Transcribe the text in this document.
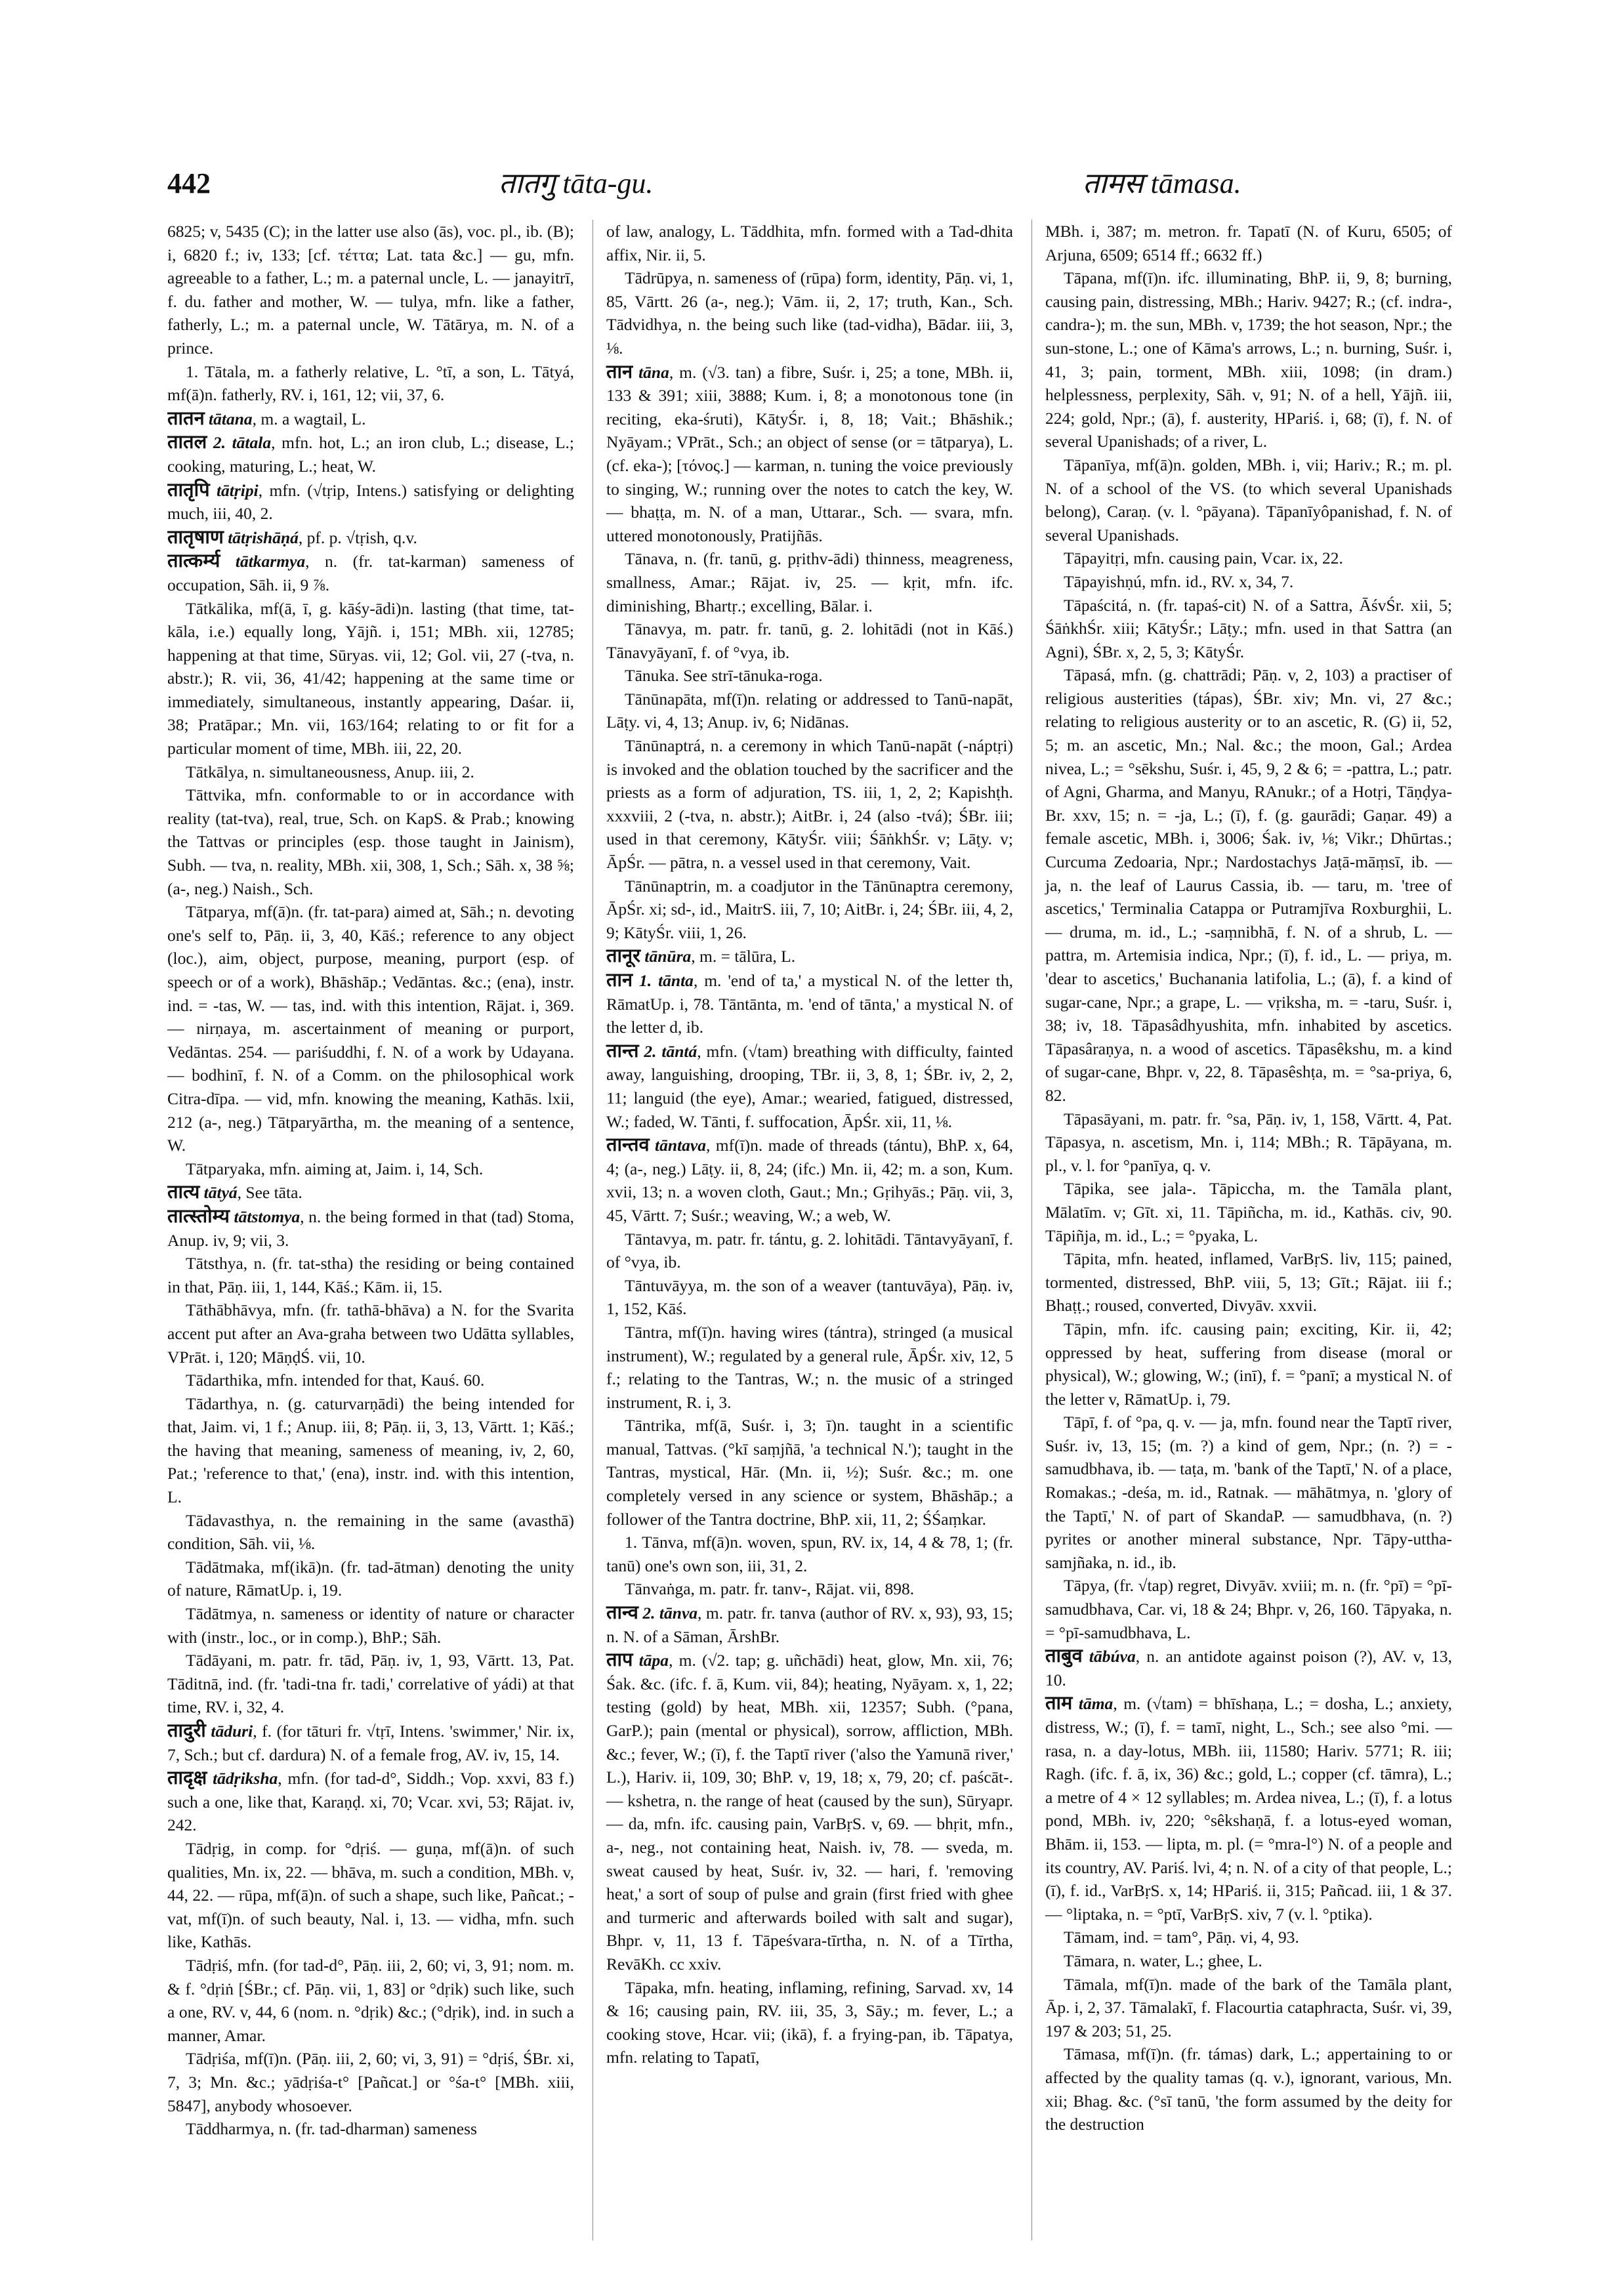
442	तातगु tāta-gu.	तामस tāmasa.

6825; v, 5435 (C); in the latter use also (ās), voc. pl., ib. (B); i, 6820 f.; iv, 133; [cf. τέττα; Lat. tata &c.] — gu, mfn. agreeable to a father, L.; m. a paternal uncle, L. — janayitrī, f. du. father and mother, W. — tulya, mfn. like a father, fatherly, L.; m. a paternal uncle, W. Tātārya, m. N. of a prince.

1. Tātala, m. a fatherly relative, L. °tī, a son, L. Tātyá, mf(ā)n. fatherly, RV. i, 161, 12; vii, 37, 6.

तातन tātana, m. a wagtail, L.

तातल 2. tātala, mfn. hot, L.; an iron club, L.; disease, L.; cooking, maturing, L.; heat, W.

तातृपि tātṛipi, mfn. (√tṛip, Intens.) satisfying or delighting much, iii, 40, 2.

तातृषाण tātṛishāṇá, pf. p. √tṛish, q.v.

तात्कर्म्य tātkarmya, n. (fr. tat-karman) sameness of occupation, Sāh. ii, 9 ⅞.

Tātkālika, mf(ā, ī, g. kāśy-ādi)n. lasting (that time, tat-kāla, i.e.) equally long, Yājñ. i, 151; MBh. xii, 12785; happening at that time, Sūryas. vii, 12; Gol. vii, 27 (-tva, n. abstr.); R. vii, 36, 41/42; happening at the same time or immediately, simultaneous, instantly appearing, Daśar. ii, 38; Pratāpar.; Mn. vii, 163/164; relating to or fit for a particular moment of time, MBh. iii, 22, 20.

Tātkālya, n. simultaneousness, Anup. iii, 2.

Tāttvika, mfn. conformable to or in accordance with reality (tat-tva), real, true, Sch. on KapS. & Prab.; knowing the Tattvas or principles (esp. those taught in Jainism), Subh. — tva, n. reality, MBh. xii, 308, 1, Sch.; Sāh. x, 38 ⅝; (a-, neg.) Naish., Sch.

Tātparya, mf(ā)n. (fr. tat-para) aimed at, Sāh.; n. devoting one's self to, Pāṇ. ii, 3, 40, Kāś.; reference to any object (loc.), aim, object, purpose, meaning, purport (esp. of speech or of a work), Bhāshāp.; Vedāntas. &c.; (ena), instr. ind. = -tas, W. — tas, ind. with this intention, Rājat. i, 369. — nirṇaya, m. ascertainment of meaning or purport, Vedāntas. 254. — pariśuddhi, f. N. of a work by Udayana. — bodhinī, f. N. of a Comm. on the philosophical work Citra-dīpa. — vid, mfn. knowing the meaning, Kathās. lxii, 212 (a-, neg.) Tātparyārtha, m. the meaning of a sentence, W.

Tātparyaka, mfn. aiming at, Jaim. i, 14, Sch.

तात्य tātyá, See tāta.

तात्स्तोम्य tātstomya, n. the being formed in that (tad) Stoma, Anup. iv, 9; vii, 3.

Tātsthya, n. (fr. tat-stha) the residing or being contained in that, Pāṇ. iii, 1, 144, Kāś.; Kām. ii, 15.

Tāthābhāvya, mfn. (fr. tathā-bhāva) a N. for the Svarita accent put after an Ava-graha between two Udātta syllables, VPrāt. i, 120; MāṇḍŚ. vii, 10.

Tādarthika, mfn. intended for that, Kauś. 60.

Tādarthya, n. (g. caturvarṇādi) the being intended for that, Jaim. vi, 1 f.; Anup. iii, 8; Pāṇ. ii, 3, 13, Vārtt. 1; Kāś.; the having that meaning, sameness of meaning, iv, 2, 60, Pat.; 'reference to that,' (ena), instr. ind. with this intention, L.

Tādavasthya, n. the remaining in the same (avasthā) condition, Sāh. vii, ⅛.

Tādātmaka, mf(ikā)n. (fr. tad-ātman) denoting the unity of nature, RāmatUp. i, 19.

Tādātmya, n. sameness or identity of nature or character with (instr., loc., or in comp.), BhP.; Sāh.

Tādāyani, m. patr. fr. tād, Pāṇ. iv, 1, 93, Vārtt. 13, Pat. Tāditnā, ind. (fr. 'tadi-tna fr. tadi,' correlative of yádi) at that time, RV. i, 32, 4.

तादुरी tāduri, f. (for tāturi fr. √tṛī, Intens. 'swimmer,' Nir. ix, 7, Sch.; but cf. dardura) N. of a female frog, AV. iv, 15, 14.

तादृक्ष tādṛiksha, mfn. (for tad-d°, Siddh.; Vop. xxvi, 83 f.) such a one, like that, Karaṇḍ. xi, 70; Vcar. xvi, 53; Rājat. iv, 242.

Tādṛig, in comp. for °dṛiś. — guṇa, mf(ā)n. of such qualities, Mn. ix, 22. — bhāva, m. such a condition, MBh. v, 44, 22. — rūpa, mf(ā)n. of such a shape, such like, Pañcat.; -vat, mf(ī)n. of such beauty, Nal. i, 13. — vidha, mfn. such like, Kathās.

Tādṛiś, mfn. (for tad-d°, Pāṇ. iii, 2, 60; vi, 3, 91; nom. m. & f. °dṛiṅ [ŚBr.; cf. Pāṇ. vii, 1, 83] or °dṛik) such like, such a one, RV. v, 44, 6 (nom. n. °dṛik) &c.; (°dṛik), ind. in such a manner, Amar.

Tādṛiśa, mf(ī)n. (Pāṇ. iii, 2, 60; vi, 3, 91) = °dṛiś, ŚBr. xi, 7, 3; Mn. &c.; yādṛiśa-t° [Pañcat.] or °śa-t° [MBh. xiii, 5847], anybody whosoever.

Tāddharmya, n. (fr. tad-dharman) sameness

of law, analogy, L. Tāddhita, mfn. formed with a Tad-dhita affix, Nir. ii, 5.

Tādrūpya, n. sameness of (rūpa) form, identity, Pāṇ. vi, 1, 85, Vārtt. 26 (a-, neg.); Vām. ii, 2, 17; truth, Kan., Sch. Tādvidhya, n. the being such like (tad-vidha), Bādar. iii, 3, ⅛.

तान tāna, m. (√3. tan) a fibre, Suśr. i, 25; a tone, MBh. ii, 133 & 391; xiii, 3888; Kum. i, 8; a monotonous tone (in reciting, eka-śruti), KātyŚr. i, 8, 18; Vait.; Bhāshik.; Nyāyam.; VPrāt., Sch.; an object of sense (or = tātparya), L. (cf. eka-); [τόνος.] — karman, n. tuning the voice previously to singing, W.; running over the notes to catch the key, W. — bhaṭṭa, m. N. of a man, Uttarar., Sch. — svara, mfn. uttered monotonously, Pratijñās.

Tānava, n. (fr. tanū, g. pṛithv-ādi) thinness, meagreness, smallness, Amar.; Rājat. iv, 25. — kṛit, mfn. ifc. diminishing, Bhartṛ.; excelling, Bālar. i.

Tānavya, m. patr. fr. tanū, g. 2. lohitādi (not in Kāś.) Tānavyāyanī, f. of °vya, ib.

Tānuka. See strī-tānuka-roga.

Tānūnapāta, mf(ī)n. relating or addressed to Tanū-napāt, Lāṭy. vi, 4, 13; Anup. iv, 6; Nidānas.

Tānūnaptrá, n. a ceremony in which Tanū-napāt (-náptṛi) is invoked and the oblation touched by the sacrificer and the priests as a form of adjuration, TS. iii, 1, 2, 2; Kapishṭh. xxxviii, 2 (-tva, n. abstr.); AitBr. i, 24 (also -tvá); ŚBr. iii; used in that ceremony, KātyŚr. viii; ŚāṅkhŚr. v; Lāṭy. v; ĀpŚr. — pātra, n. a vessel used in that ceremony, Vait.

Tānūnaptrin, m. a coadjutor in the Tānūnaptra ceremony, ĀpŚr. xi; sd-, id., MaitrS. iii, 7, 10; AitBr. i, 24; ŚBr. iii, 4, 2, 9; KātyŚr. viii, 1, 26.

तानूर tānūra, m. = tālūra, L.

तान 1. tānta, m. 'end of ta,' a mystical N. of the letter th, RāmatUp. i, 78. Tāntānta, m. 'end of tānta,' a mystical N. of the letter d, ib.

तान्त 2. tāntá, mfn. (√tam) breathing with difficulty, fainted away, languishing, drooping, TBr. ii, 3, 8, 1; ŚBr. iv, 2, 2, 11; languid (the eye), Amar.; wearied, fatigued, distressed, W.; faded, W. Tānti, f. suffocation, ĀpŚr. xii, 11, ⅛.

तान्तव tāntava, mf(ī)n. made of threads (tántu), BhP. x, 64, 4; (a-, neg.) Lāṭy. ii, 8, 24; (ifc.) Mn. ii, 42; m. a son, Kum. xvii, 13; n. a woven cloth, Gaut.; Mn.; Gṛihyās.; Pāṇ. vii, 3, 45, Vārtt. 7; Suśr.; weaving, W.; a web, W.

Tāntavya, m. patr. fr. tántu, g. 2. lohitādi. Tāntavyāyanī, f. of °vya, ib.

Tāntuvāyya, m. the son of a weaver (tantuvāya), Pāṇ. iv, 1, 152, Kāś.

Tāntra, mf(ī)n. having wires (tántra), stringed (a musical instrument), W.; regulated by a general rule, ĀpŚr. xiv, 12, 5 f.; relating to the Tantras, W.; n. the music of a stringed instrument, R. i, 3.

Tāntrika, mf(ā, Suśr. i, 3; ī)n. taught in a scientific manual, Tattvas. (°kī saṃjñā, 'a technical N.'); taught in the Tantras, mystical, Hār. (Mn. ii, ½); Suśr. &c.; m. one completely versed in any science or system, Bhāshāp.; a follower of the Tantra doctrine, BhP. xii, 11, 2; ŚŚaṃkar.

1. Tānva, mf(ā)n. woven, spun, RV. ix, 14, 4 & 78, 1; (fr. tanū) one's own son, iii, 31, 2.

Tānvaṅga, m. patr. fr. tanv-, Rājat. vii, 898.

तान्व 2. tānva, m. patr. fr. tanva (author of RV. x, 93), 93, 15; n. N. of a Sāman, ĀrshBr.

ताप tāpa, m. (√2. tap; g. uñchādi) heat, glow, Mn. xii, 76; Śak. &c. (ifc. f. ā, Kum. vii, 84); heating, Nyāyam. x, 1, 22; testing (gold) by heat, MBh. xii, 12357; Subh. (°pana, GarP.); pain (mental or physical), sorrow, affliction, MBh. &c.; fever, W.; (ī), f. the Taptī river ('also the Yamunā river,' L.), Hariv. ii, 109, 30; BhP. v, 19, 18; x, 79, 20; cf. paścāt-. — kshetra, n. the range of heat (caused by the sun), Sūryapr. — da, mfn. ifc. causing pain, VarBṛS. v, 69. — bhṛit, mfn., a-, neg., not containing heat, Naish. iv, 78. — sveda, m. sweat caused by heat, Suśr. iv, 32. — hari, f. 'removing heat,' a sort of soup of pulse and grain (first fried with ghee and turmeric and afterwards boiled with salt and sugar), Bhpr. v, 11, 13 f. Tāpeśvara-tīrtha, n. N. of a Tīrtha, RevāKh. cc xxiv.

Tāpaka, mfn. heating, inflaming, refining, Sarvad. xv, 14 & 16; causing pain, RV. iii, 35, 3, Sāy.; m. fever, L.; a cooking stove, Hcar. vii; (ikā), f. a frying-pan, ib. Tāpatya, mfn. relating to Tapatī,

MBh. i, 387; m. metron. fr. Tapatī (N. of Kuru, 6505; of Arjuna, 6509; 6514 ff.; 6632 ff.)

Tāpana, mf(ī)n. ifc. illuminating, BhP. ii, 9, 8; burning, causing pain, distressing, MBh.; Hariv. 9427; R.; (cf. indra-, candra-); m. the sun, MBh. v, 1739; the hot season, Npr.; the sun-stone, L.; one of Kāma's arrows, L.; n. burning, Suśr. i, 41, 3; pain, torment, MBh. xiii, 1098; (in dram.) helplessness, perplexity, Sāh. v, 91; N. of a hell, Yājñ. iii, 224; gold, Npr.; (ā), f. austerity, HPariś. i, 68; (ī), f. N. of several Upanishads; of a river, L.

Tāpanīya, mf(ā)n. golden, MBh. i, vii; Hariv.; R.; m. pl. N. of a school of the VS. (to which several Upanishads belong), Caraṇ. (v. l. °pāyana). Tāpanīyôpanishad, f. N. of several Upanishads.

Tāpayitṛi, mfn. causing pain, Vcar. ix, 22.

Tāpayishṇú, mfn. id., RV. x, 34, 7.

Tāpaścitá, n. (fr. tapaś-cit) N. of a Sattra, ĀśvŚr. xii, 5; ŚāṅkhŚr. xiii; KātyŚr.; Lāṭy.; mfn. used in that Sattra (an Agni), ŚBr. x, 2, 5, 3; KātyŚr.

Tāpasá, mfn. (g. chattrādi; Pāṇ. v, 2, 103) a practiser of religious austerities (tápas), ŚBr. xiv; Mn. vi, 27 &c.; relating to religious austerity or to an ascetic, R. (G) ii, 52, 5; m. an ascetic, Mn.; Nal. &c.; the moon, Gal.; Ardea nivea, L.; = °sēkshu, Suśr. i, 45, 9, 2 & 6; = -pattra, L.; patr. of Agni, Gharma, and Manyu, RAnukr.; of a Hotṛi, Tāṇḍya-Br. xxv, 15; n. = -ja, L.; (ī), f. (g. gaurādi; Gaṇar. 49) a female ascetic, MBh. i, 3006; Śak. iv, ⅛; Vikr.; Dhūrtas.; Curcuma Zedoaria, Npr.; Nardostachys Jaṭā-māṃsī, ib. — ja, n. the leaf of Laurus Cassia, ib. — taru, m. 'tree of ascetics,' Terminalia Catappa or Putramjīva Roxburghii, L. — druma, m. id., L.; -saṃnibhā, f. N. of a shrub, L. — pattra, m. Artemisia indica, Npr.; (ī), f. id., L. — priya, m. 'dear to ascetics,' Buchanania latifolia, L.; (ā), f. a kind of sugar-cane, Npr.; a grape, L. — vṛiksha, m. = -taru, Suśr. i, 38; iv, 18. Tāpasâdhyushita, mfn. inhabited by ascetics. Tāpasâraṇya, n. a wood of ascetics. Tāpasêkshu, m. a kind of sugar-cane, Bhpr. v, 22, 8. Tāpasêshṭa, m. = °sa-priya, 6, 82.

Tāpasāyani, m. patr. fr. °sa, Pāṇ. iv, 1, 158, Vārtt. 4, Pat. Tāpasya, n. ascetism, Mn. i, 114; MBh.; R. Tāpāyana, m. pl., v. l. for °panīya, q. v.

Tāpika, see jala-. Tāpiccha, m. the Tamāla plant, Mālatīm. v; Gīt. xi, 11. Tāpiñcha, m. id., Kathās. civ, 90. Tāpiñja, m. id., L.; = °pyaka, L.

Tāpita, mfn. heated, inflamed, VarBṛS. liv, 115; pained, tormented, distressed, BhP. viii, 5, 13; Gīt.; Rājat. iii f.; Bhaṭṭ.; roused, converted, Divyāv. xxvii.

Tāpin, mfn. ifc. causing pain; exciting, Kir. ii, 42; oppressed by heat, suffering from disease (moral or physical), W.; glowing, W.; (inī), f. = °panī; a mystical N. of the letter v, RāmatUp. i, 79.

Tāpī, f. of °pa, q. v. — ja, mfn. found near the Taptī river, Suśr. iv, 13, 15; (m. ?) a kind of gem, Npr.; (n. ?) = -samudbhava, ib. — taṭa, m. 'bank of the Taptī,' N. of a place, Romakas.; -deśa, m. id., Ratnak. — māhātmya, n. 'glory of the Taptī,' N. of part of SkandaP. — samudbhava, (n. ?) pyrites or another mineral substance, Npr. Tāpy-uttha-samjñaka, n. id., ib.

Tāpya, (fr. √tap) regret, Divyāv. xviii; m. n. (fr. °pī) = °pī-samudbhava, Car. vi, 18 & 24; Bhpr. v, 26, 160. Tāpyaka, n. = °pī-samudbhava, L.

ताबुव tābúva, n. an antidote against poison (?), AV. v, 13, 10.

ताम tāma, m. (√tam) = bhīshaṇa, L.; = dosha, L.; anxiety, distress, W.; (ī), f. = tamī, night, L., Sch.; see also °mi. — rasa, n. a day-lotus, MBh. iii, 11580; Hariv. 5771; R. iii; Ragh. (ifc. f. ā, ix, 36) &c.; gold, L.; copper (cf. tāmra), L.; a metre of 4 × 12 syllables; m. Ardea nivea, L.; (ī), f. a lotus pond, MBh. iv, 220; °sêkshaṇā, f. a lotus-eyed woman, Bhām. ii, 153. — lipta, m. pl. (= °mra-l°) N. of a people and its country, AV. Pariś. lvi, 4; n. N. of a city of that people, L.; (ī), f. id., VarBṛS. x, 14; HPariś. ii, 315; Pañcad. iii, 1 & 37. — °liptaka, n. = °ptī, VarBṛS. xiv, 7 (v. l. °ptika).

Tāmam, ind. = tam°, Pāṇ. vi, 4, 93.

Tāmara, n. water, L.; ghee, L.

Tāmala, mf(ī)n. made of the bark of the Tamāla plant, Āp. i, 2, 37. Tāmalakī, f. Flacourtia cataphracta, Suśr. vi, 39, 197 & 203; 51, 25.

Tāmasa, mf(ī)n. (fr. támas) dark, L.; appertaining to or affected by the quality tamas (q. v.), ignorant, various, Mn. xii; Bhag. &c. (°sī tanū, 'the form assumed by the deity for the destruction
